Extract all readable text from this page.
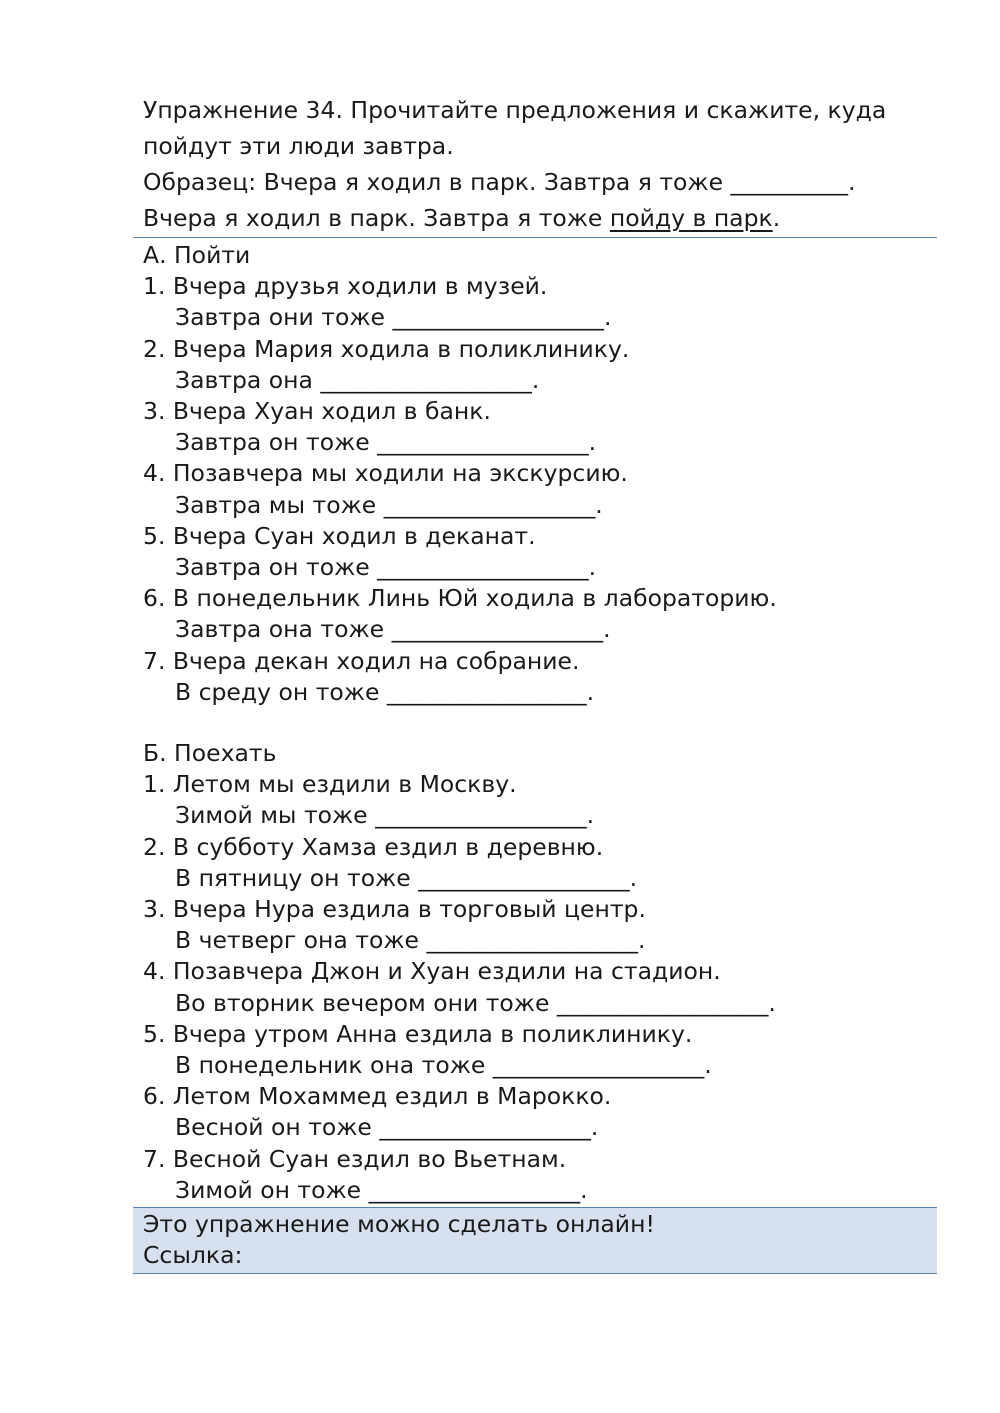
Упражнение 34. Прочитайте предложения и скажите, куда пойдут эти люди завтра.

Образец: Вчера я ходил в парк. Завтра я тоже __________.

Вчера я ходил в парк. Завтра я тоже пойду в парк.

А. Пойти
1. Вчера друзья ходили в музей.
Завтра они тоже __________________.
2. Вчера Мария ходила в поликлинику.
Завтра она __________________.
3. Вчера Хуан ходил в банк.
Завтра он тоже __________________.
4. Позавчера мы ходили на экскурсию.
Завтра мы тоже __________________.
5. Вчера Суан ходил в деканат.
Завтра он тоже __________________.
6. В понедельник Линь Юй ходила в лабораторию.
Завтра она тоже __________________.
7. Вчера декан ходил на собрание.
В среду он тоже _________________.
Б. Поехать
1. Летом мы ездили в Москву.
Зимой мы тоже __________________.
2. В субботу Хамза ездил в деревню.
В пятницу он тоже __________________.
3. Вчера Нура ездила в торговый центр.
В четверг она тоже __________________.
4. Позавчера Джон и Хуан ездили на стадион.
Во вторник вечером они тоже __________________.
5. Вчера утром Анна ездила в поликлинику.
В понедельник она тоже __________________.
6. Летом Мохаммед ездил в Марокко.
Весной он тоже __________________.
7. Весной Суан ездил во Вьетнам.
Зимой он тоже __________________.
Это упражнение можно сделать онлайн!
Ссылка:
